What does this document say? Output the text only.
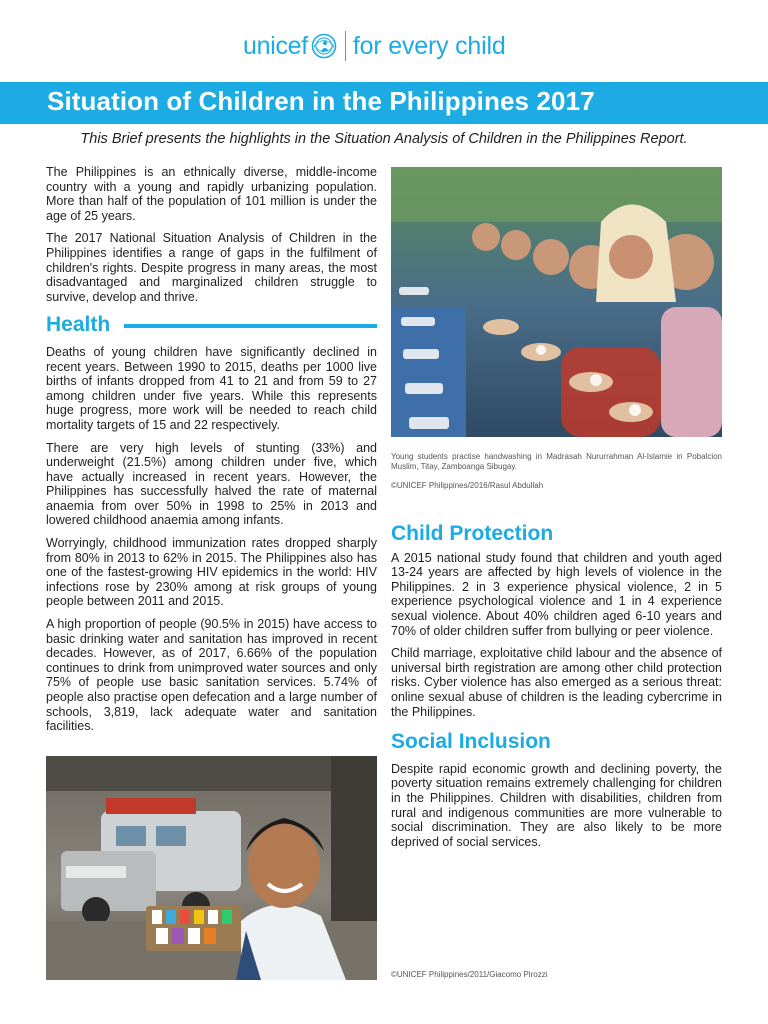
unicef for every child
Situation of Children in the Philippines 2017
This Brief presents the highlights in the Situation Analysis of Children in the Philippines Report.

The Philippines is an ethnically diverse, middle-income country with a young and rapidly urbanizing population. More than half of the population of 101 million is under the age of 25 years.

The 2017 National Situation Analysis of Children in the Philippines identifies a range of gaps in the fulfilment of children's rights. Despite progress in many areas, the most disadvantaged and marginalized children struggle to survive, develop and thrive.

Health

Deaths of young children have significantly declined in recent years. Between 1990 to 2015, deaths per 1000 live births of infants dropped from 41 to 21 and from 59 to 27 among children under five years. While this represents huge progress, more work will be needed to reach child mortality targets of 15 and 22 respectively.

There are very high levels of stunting (33%) and underweight (21.5%) among children under five, which have actually increased in recent years. However, the Philippines has successfully halved the rate of maternal anaemia from over 50% in 1998 to 25% in 2013 and lowered childhood anaemia among infants.

Worryingly, childhood immunization rates dropped sharply from 80% in 2013 to 62% in 2015. The Philippines also has one of the fastest-growing HIV epidemics in the world: HIV infections rose by 230% among at risk groups of young people between 2011 and 2015.

A high proportion of people (90.5% in 2015) have access to basic drinking water and sanitation has improved in recent decades. However, as of 2017, 6.66% of the population continues to drink from unimproved water sources and only 75% of people use basic sanitation services. 5.74% of people also practise open defecation and a large number of schools, 3,819, lack adequate water and sanitation facilities.

Young students practise handwashing in Madrasah Nururrahman Al-Islamie in Pobalcion Muslim, Titay, Zamboanga Sibugay.
©UNICEF Philippines/2016/Rasul Abdullah
Child Protection

A 2015 national study found that children and youth aged 13-24 years are affected by high levels of violence in the Philippines. 2 in 3 experience physical violence, 2 in 5 experience psychological violence and 1 in 4 experience sexual violence. About 40% children aged 6-10 years and 70% of older children suffer from bullying or peer violence.

Child marriage, exploitative child labour and the absence of universal birth registration are among other child protection risks. Cyber violence has also emerged as a serious threat: online sexual abuse of children is the leading cybercrime in the Philippines.

Social Inclusion

Despite rapid economic growth and declining poverty, the poverty situation remains extremely challenging for children in the Philippines. Children with disabilities, children from rural and indigenous communities are more vulnerable to social discrimination. They are also likely to be more deprived of social services.

©UNICEF Philippines/2011/Giacomo Pirozzi
